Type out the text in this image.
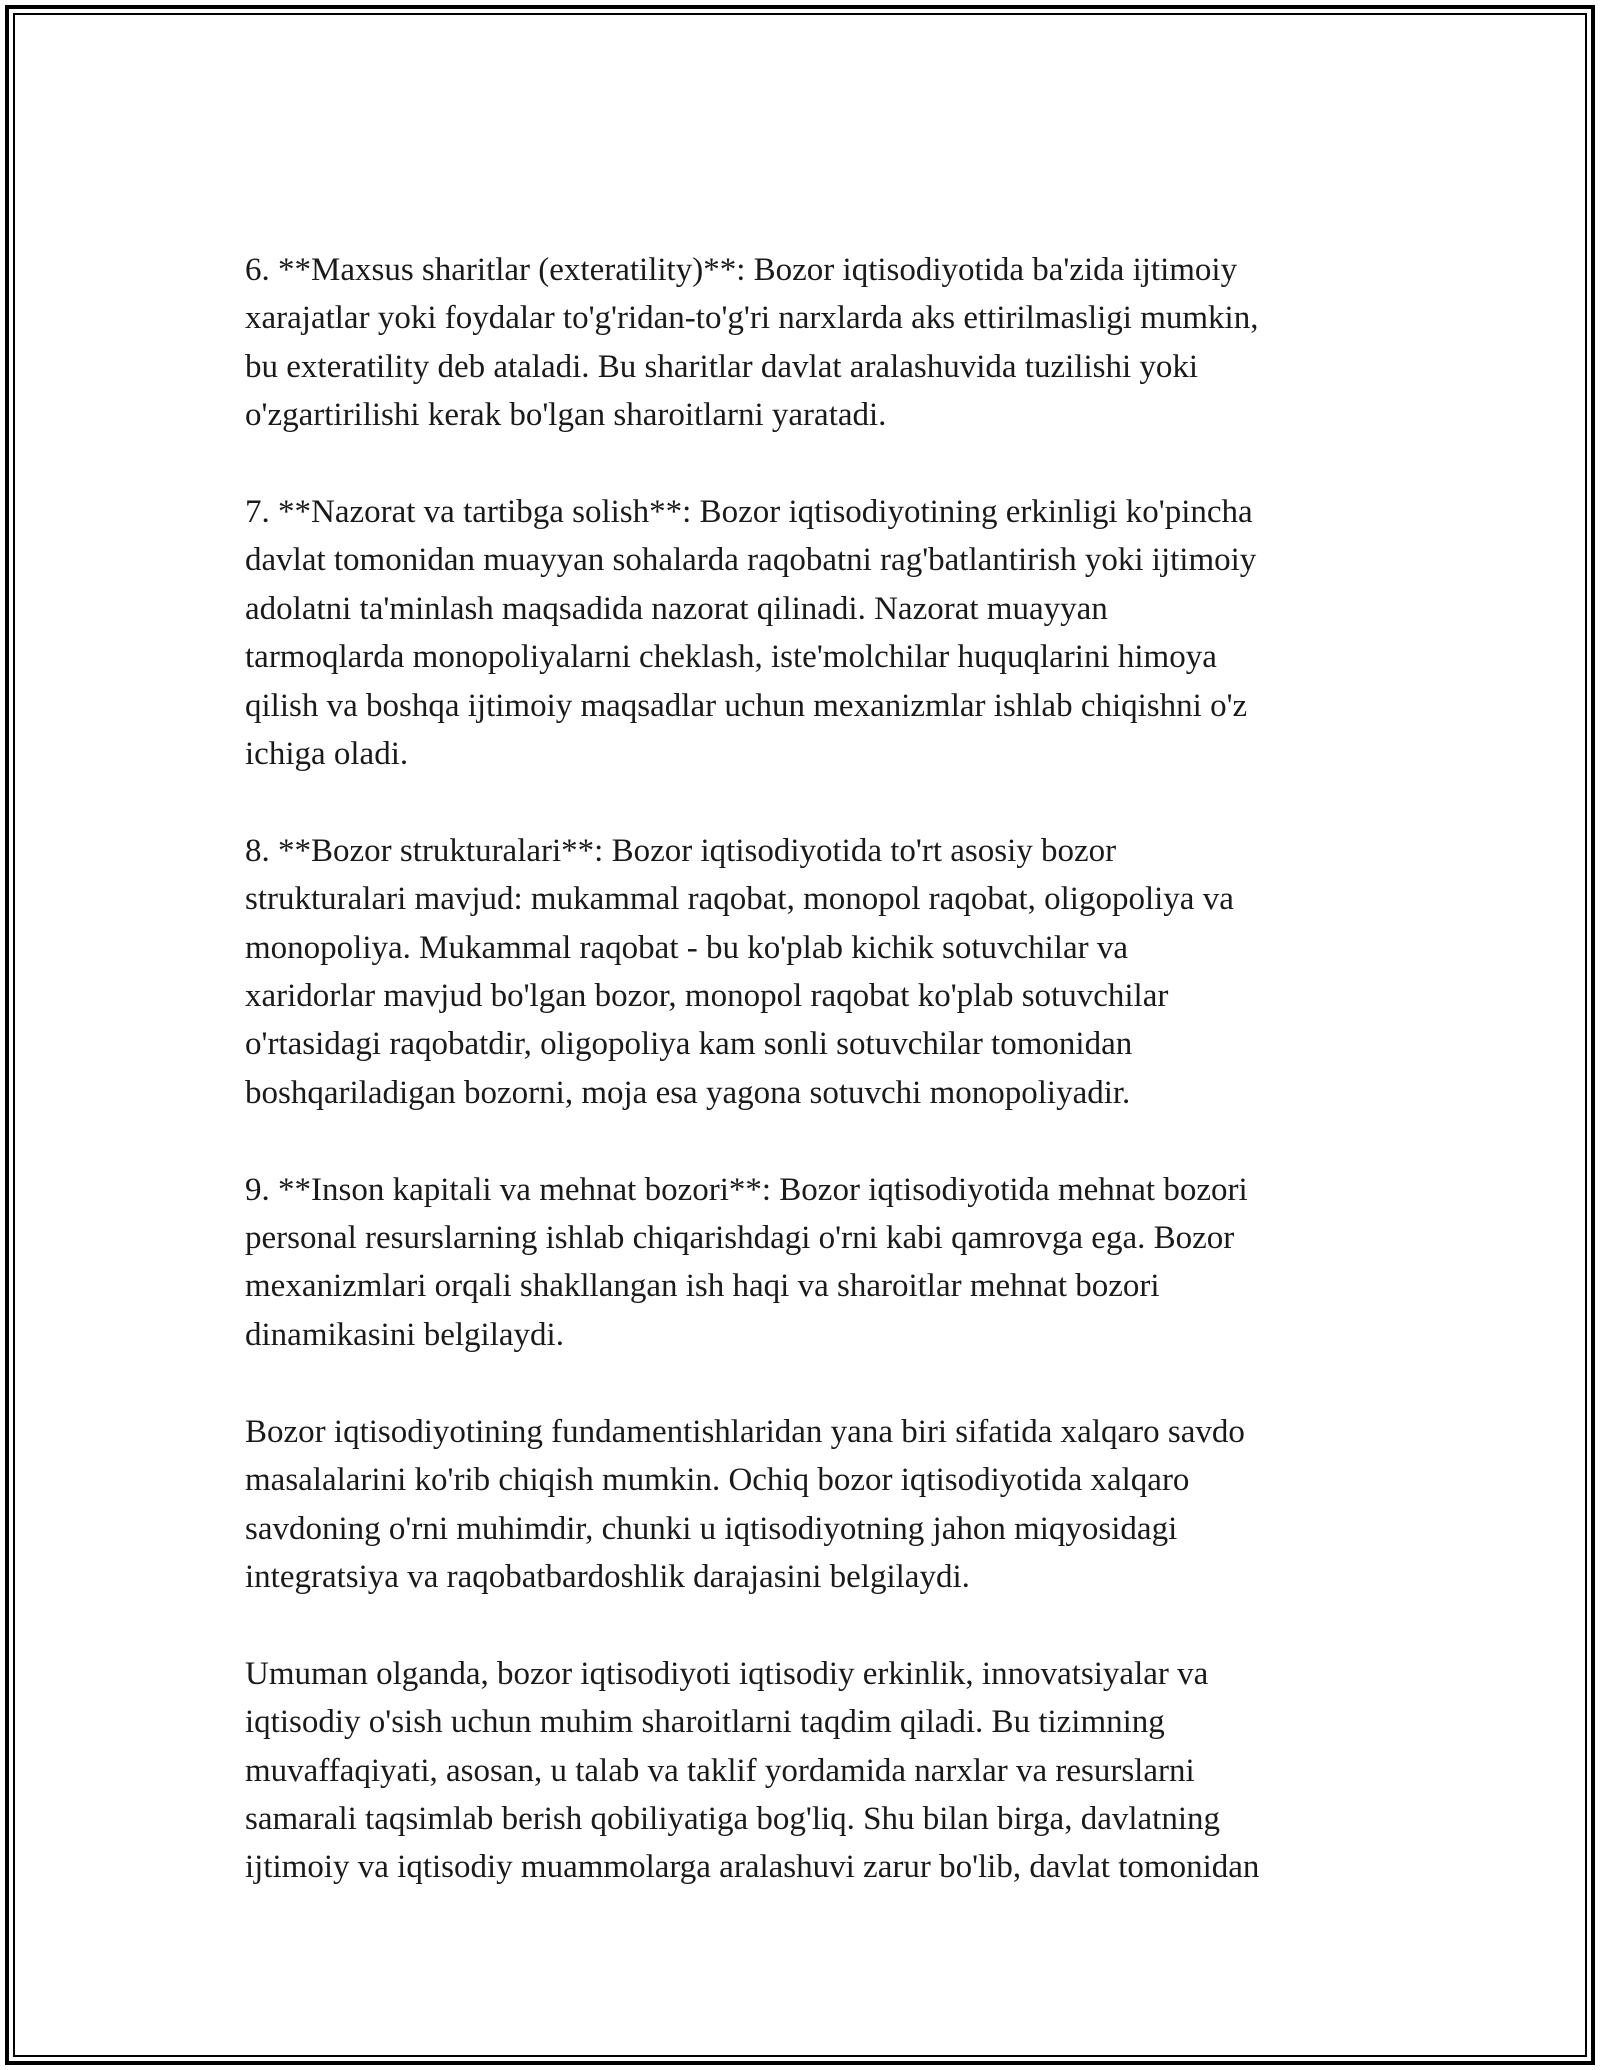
6. **Maxsus sharitlar (exteratility)**: Bozor iqtisodiyotida ba'zida ijtimoiy
xarajatlar yoki foydalar to'g'ridan-to'g'ri narxlarda aks ettirilmasligi mumkin,
bu exteratility deb ataladi. Bu sharitlar davlat aralashuvida tuzilishi yoki
o'zgartirilishi kerak bo'lgan sharoitlarni yaratadi.

7. **Nazorat va tartibga solish**: Bozor iqtisodiyotining erkinligi ko'pincha
davlat tomonidan muayyan sohalarda raqobatni rag'batlantirish yoki ijtimoiy
adolatni ta'minlash maqsadida nazorat qilinadi. Nazorat muayyan
tarmoqlarda monopoliyalarni cheklash, iste'molchilar huquqlarini himoya
qilish va boshqa ijtimoiy maqsadlar uchun mexanizmlar ishlab chiqishni o'z
ichiga oladi.

8. **Bozor strukturalari**: Bozor iqtisodiyotida to'rt asosiy bozor
strukturalari mavjud: mukammal raqobat, monopol raqobat, oligopoliya va
monopoliya. Mukammal raqobat - bu ko'plab kichik sotuvchilar va
xaridorlar mavjud bo'lgan bozor, monopol raqobat ko'plab sotuvchilar
o'rtasidagi raqobatdir, oligopoliya kam sonli sotuvchilar tomonidan
boshqariladigan bozorni, moja esa yagona sotuvchi monopoliyadir.

9. **Inson kapitali va mehnat bozori**: Bozor iqtisodiyotida mehnat bozori
personal resurslarning ishlab chiqarishdagi o'rni kabi qamrovga ega. Bozor
mexanizmlari orqali shakllangan ish haqi va sharoitlar mehnat bozori
dinamikasini belgilaydi.

Bozor iqtisodiyotining fundamentishlaridan yana biri sifatida xalqaro savdo
masalalarini ko'rib chiqish mumkin. Ochiq bozor iqtisodiyotida xalqaro
savdoning o'rni muhimdir, chunki u iqtisodiyotning jahon miqyosidagi
integratsiya va raqobatbardoshlik darajasini belgilaydi.

Umuman olganda, bozor iqtisodiyoti iqtisodiy erkinlik, innovatsiyalar va
iqtisodiy o'sish uchun muhim sharoitlarni taqdim qiladi. Bu tizimning
muvaffaqiyati, asosan, u talab va taklif yordamida narxlar va resurslarni
samarali taqsimlab berish qobiliyatiga bog'liq. Shu bilan birga, davlatning
ijtimoiy va iqtisodiy muammolarga aralashuvi zarur bo'lib, davlat tomonidan
